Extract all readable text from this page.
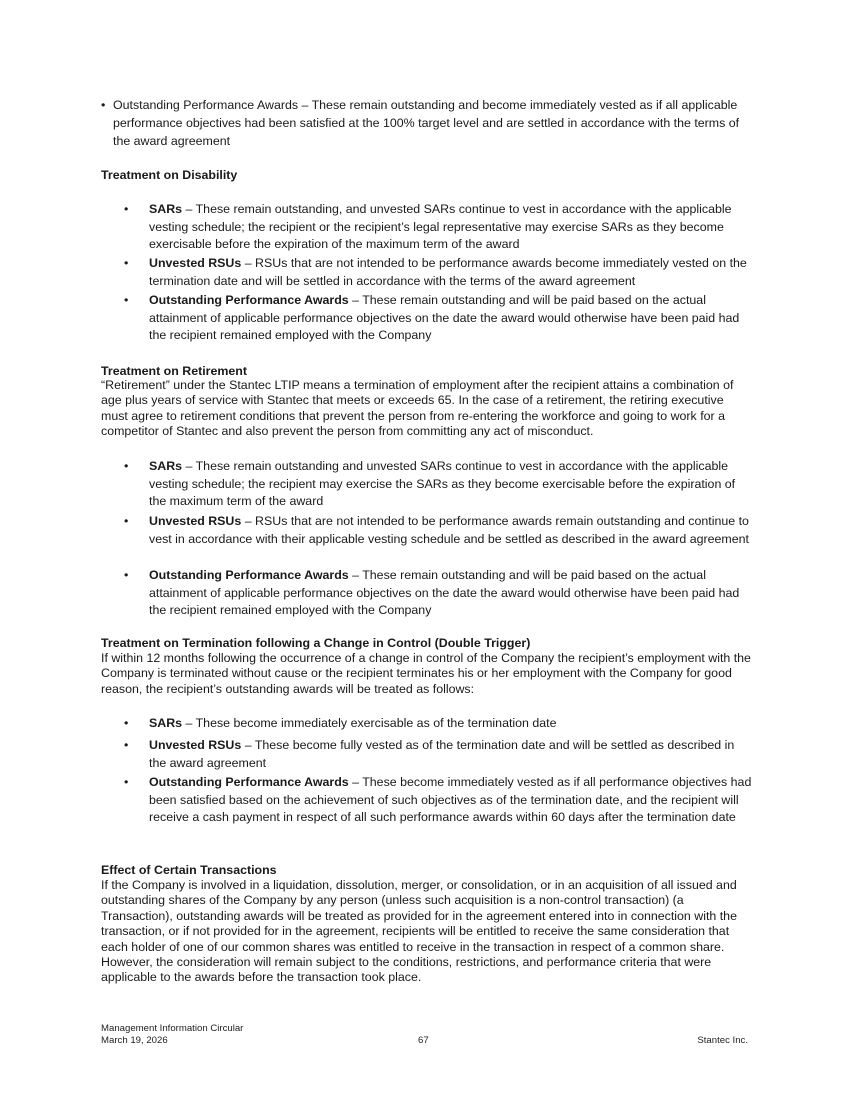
• Outstanding Performance Awards – These remain outstanding and become immediately vested as if all applicable performance objectives had been satisfied at the 100% target level and are settled in accordance with the terms of the award agreement
Treatment on Disability
• SARs – These remain outstanding, and unvested SARs continue to vest in accordance with the applicable vesting schedule; the recipient or the recipient’s legal representative may exercise SARs as they become exercisable before the expiration of the maximum term of the award
• Unvested RSUs – RSUs that are not intended to be performance awards become immediately vested on the termination date and will be settled in accordance with the terms of the award agreement
• Outstanding Performance Awards – These remain outstanding and will be paid based on the actual attainment of applicable performance objectives on the date the award would otherwise have been paid had the recipient remained employed with the Company
Treatment on Retirement
“Retirement” under the Stantec LTIP means a termination of employment after the recipient attains a combination of age plus years of service with Stantec that meets or exceeds 65. In the case of a retirement, the retiring executive must agree to retirement conditions that prevent the person from re-entering the workforce and going to work for a competitor of Stantec and also prevent the person from committing any act of misconduct.
• SARs – These remain outstanding and unvested SARs continue to vest in accordance with the applicable vesting schedule; the recipient may exercise the SARs as they become exercisable before the expiration of the maximum term of the award
• Unvested RSUs – RSUs that are not intended to be performance awards remain outstanding and continue to vest in accordance with their applicable vesting schedule and be settled as described in the award agreement
• Outstanding Performance Awards – These remain outstanding and will be paid based on the actual attainment of applicable performance objectives on the date the award would otherwise have been paid had the recipient remained employed with the Company
Treatment on Termination following a Change in Control (Double Trigger)
If within 12 months following the occurrence of a change in control of the Company the recipient’s employment with the Company is terminated without cause or the recipient terminates his or her employment with the Company for good reason, the recipient’s outstanding awards will be treated as follows:
• SARs – These become immediately exercisable as of the termination date
• Unvested RSUs – These become fully vested as of the termination date and will be settled as described in the award agreement
• Outstanding Performance Awards – These become immediately vested as if all performance objectives had been satisfied based on the achievement of such objectives as of the termination date, and the recipient will receive a cash payment in respect of all such performance awards within 60 days after the termination date
Effect of Certain Transactions
If the Company is involved in a liquidation, dissolution, merger, or consolidation, or in an acquisition of all issued and outstanding shares of the Company by any person (unless such acquisition is a non-control transaction) (a Transaction), outstanding awards will be treated as provided for in the agreement entered into in connection with the transaction, or if not provided for in the agreement, recipients will be entitled to receive the same consideration that each holder of one of our common shares was entitled to receive in the transaction in respect of a common share. However, the consideration will remain subject to the conditions, restrictions, and performance criteria that were applicable to the awards before the transaction took place.
Management Information Circular
March 19, 2026	67	Stantec Inc.
